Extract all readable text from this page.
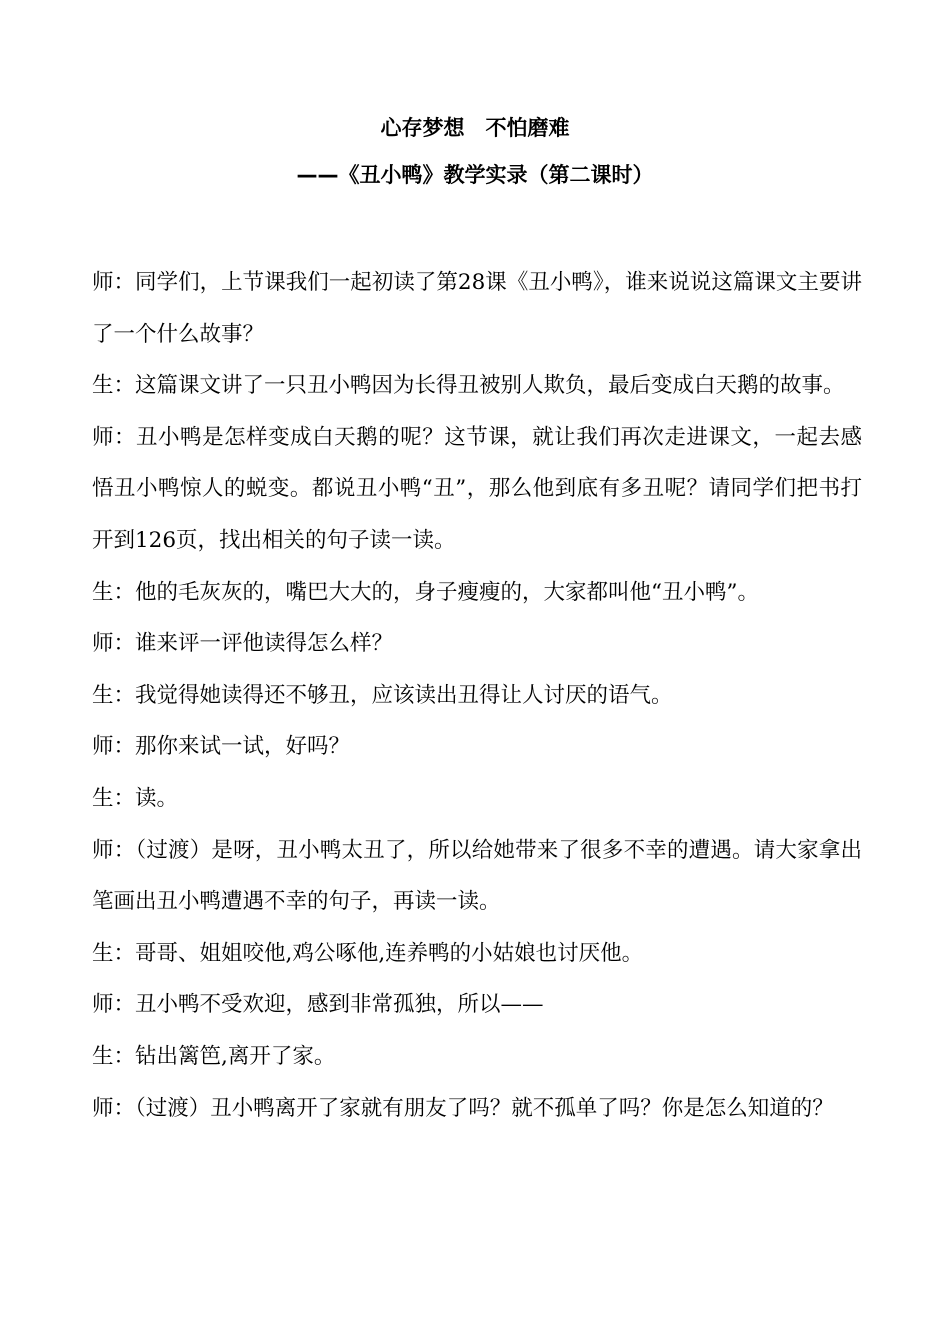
心存梦想　不怕磨难
——《丑小鸭》教学实录（第二课时）

师：同学们，上节课我们一起初读了第28课《丑小鸭》，谁来说说这篇课文主要讲了一个什么故事？

生：这篇课文讲了一只丑小鸭因为长得丑被别人欺负，最后变成白天鹅的故事。

师：丑小鸭是怎样变成白天鹅的呢？这节课，就让我们再次走进课文，一起去感悟丑小鸭惊人的蜕变。都说丑小鸭“丑”，那么他到底有多丑呢？请同学们把书打开到126页，找出相关的句子读一读。

生：他的毛灰灰的，嘴巴大大的，身子瘦瘦的，大家都叫他“丑小鸭”。

师：谁来评一评他读得怎么样？

生：我觉得她读得还不够丑，应该读出丑得让人讨厌的语气。

师：那你来试一试，好吗？

生：读。

师：（过渡）是呀，丑小鸭太丑了，所以给她带来了很多不幸的遭遇。请大家拿出笔画出丑小鸭遭遇不幸的句子，再读一读。

生：哥哥、姐姐咬他,鸡公啄他,连养鸭的小姑娘也讨厌他。

师：丑小鸭不受欢迎，感到非常孤独，所以——

生：钻出篱笆,离开了家。

师：（过渡）丑小鸭离开了家就有朋友了吗？就不孤单了吗？你是怎么知道的？
